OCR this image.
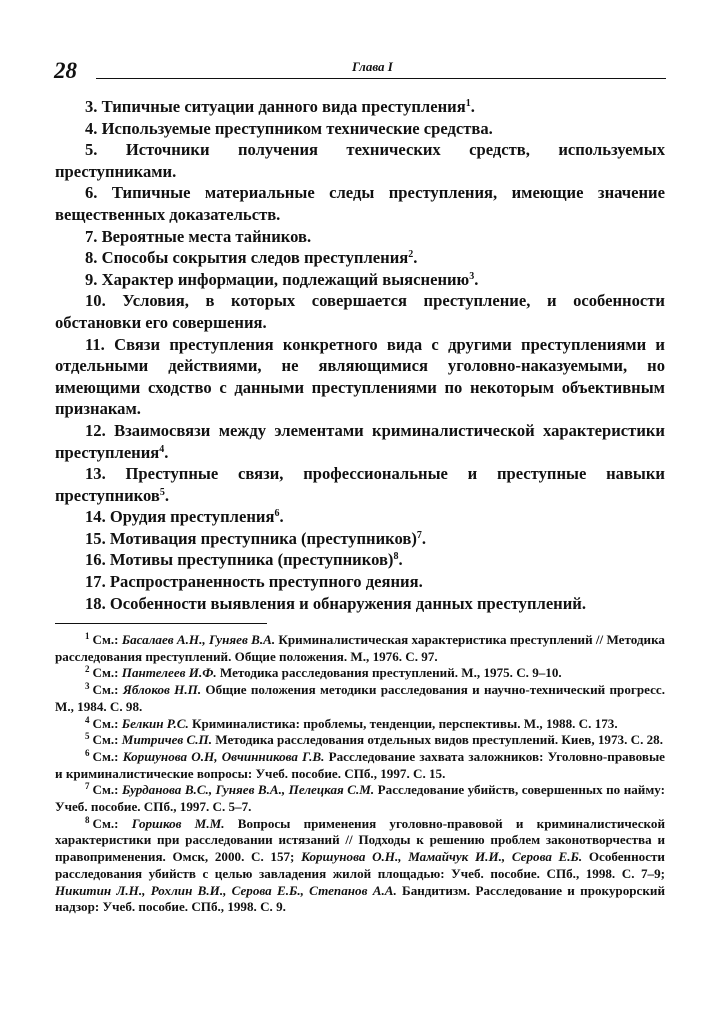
28	Глава I

3. Типичные ситуации данного вида преступления$^1$.

4. Используемые преступником технические средства.

5. Источники получения технических средств, используемых преступниками.

6. Типичные материальные следы преступления, имеющие значение вещественных доказательств.

7. Вероятные места тайников.

8. Способы сокрытия следов преступления$^2$.

9. Характер информации, подлежащий выяснению$^3$.

10. Условия, в которых совершается преступление, и особенности обстановки его совершения.

11. Связи преступления конкретного вида с другими преступлениями и отдельными действиями, не являющимися уголовно-наказуемыми, но имеющими сходство с данными преступлениями по некоторым объективным признакам.

12. Взаимосвязи между элементами криминалистической характеристики преступления$^4$.

13. Преступные связи, профессиональные и преступные навыки преступников$^5$.

14. Орудия преступления$^6$.

15. Мотивация преступника (преступников)$^7$.

16. Мотивы преступника (преступников)$^8$.

17. Распространенность преступного деяния.

18. Особенности выявления и обнаружения данных преступлений.

$^1$ См.: Басалаев А.Н., Гуняев В.А. Криминалистическая характеристика преступлений // Методика расследования преступлений. Общие положения. М., 1976. С. 97.

$^2$ См.: Пантелеев И.Ф. Методика расследования преступлений. М., 1975. С. 9–10.

$^3$ См.: Яблоков Н.П. Общие положения методики расследования и научно-технический прогресс. М., 1984. С. 98.

$^4$ См.: Белкин Р.С. Криминалистика: проблемы, тенденции, перспективы. М., 1988. С. 173.

$^5$ См.: Митричев С.П. Методика расследования отдельных видов преступлений. Киев, 1973. С. 28.

$^6$ См.: Коршунова О.Н, Овчинникова Г.В. Расследование захвата заложников: Уголовно-правовые и криминалистические вопросы: Учеб. пособие. СПб., 1997. С. 15.

$^7$ См.: Бурданова В.С., Гуняев В.А., Пелецкая С.М. Расследование убийств, совершенных по найму: Учеб. пособие. СПб., 1997. С. 5–7.

$^8$ См.: Горшков М.М. Вопросы применения уголовно-правовой и криминалистической характеристики при расследовании истязаний // Подходы к решению проблем законотворчества и правоприменения. Омск, 2000. С. 157; Коршунова О.Н., Мамайчук И.И., Серова Е.Б. Особенности расследования убийств с целью завладения жилой площадью: Учеб. пособие. СПб., 1998. С. 7–9; Никитин Л.Н., Рохлин В.И., Серова Е.Б., Степанов А.А. Бандитизм. Расследование и прокурорский надзор: Учеб. пособие. СПб., 1998. С. 9.
